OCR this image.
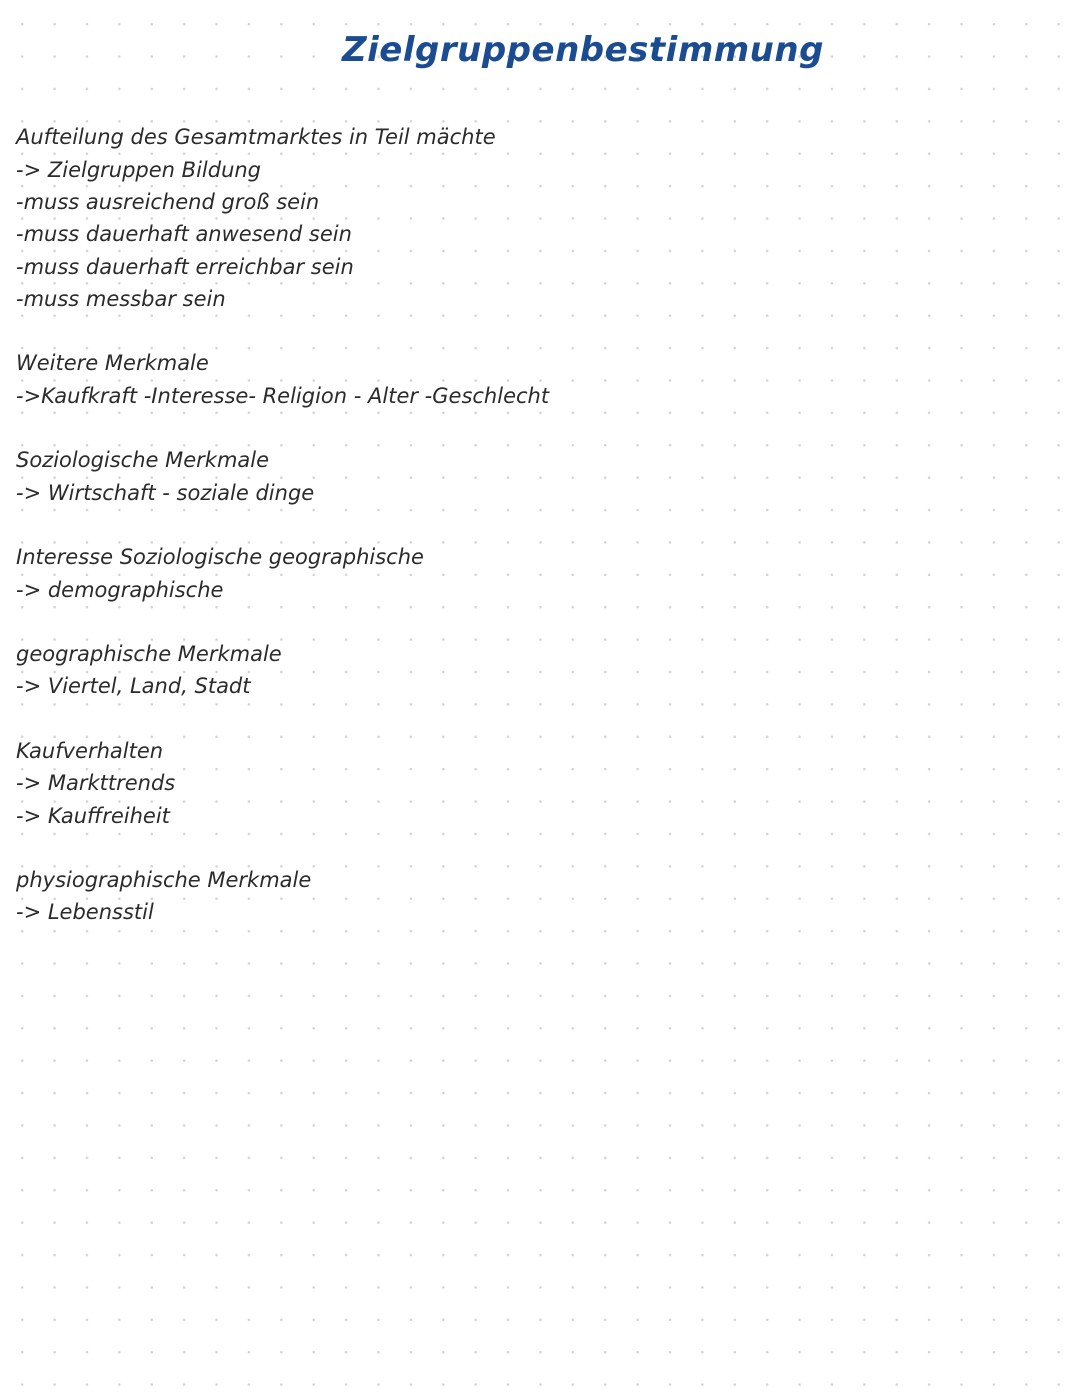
Zielgruppenbestimmung
Aufteilung des Gesamtmarktes in Teil mächte
-> Zielgruppen Bildung
-muss ausreichend groß sein
-muss dauerhaft anwesend sein
-muss dauerhaft erreichbar sein
-muss messbar sein
Weitere Merkmale
->Kaufkraft -Interesse- Religion - Alter -Geschlecht
Soziologische Merkmale
-> Wirtschaft - soziale dinge
Interesse Soziologische geographische
-> demographische
geographische Merkmale
-> Viertel, Land, Stadt
Kaufverhalten
-> Markttrends
-> Kauffreiheit
physiographische Merkmale
-> Lebensstil
